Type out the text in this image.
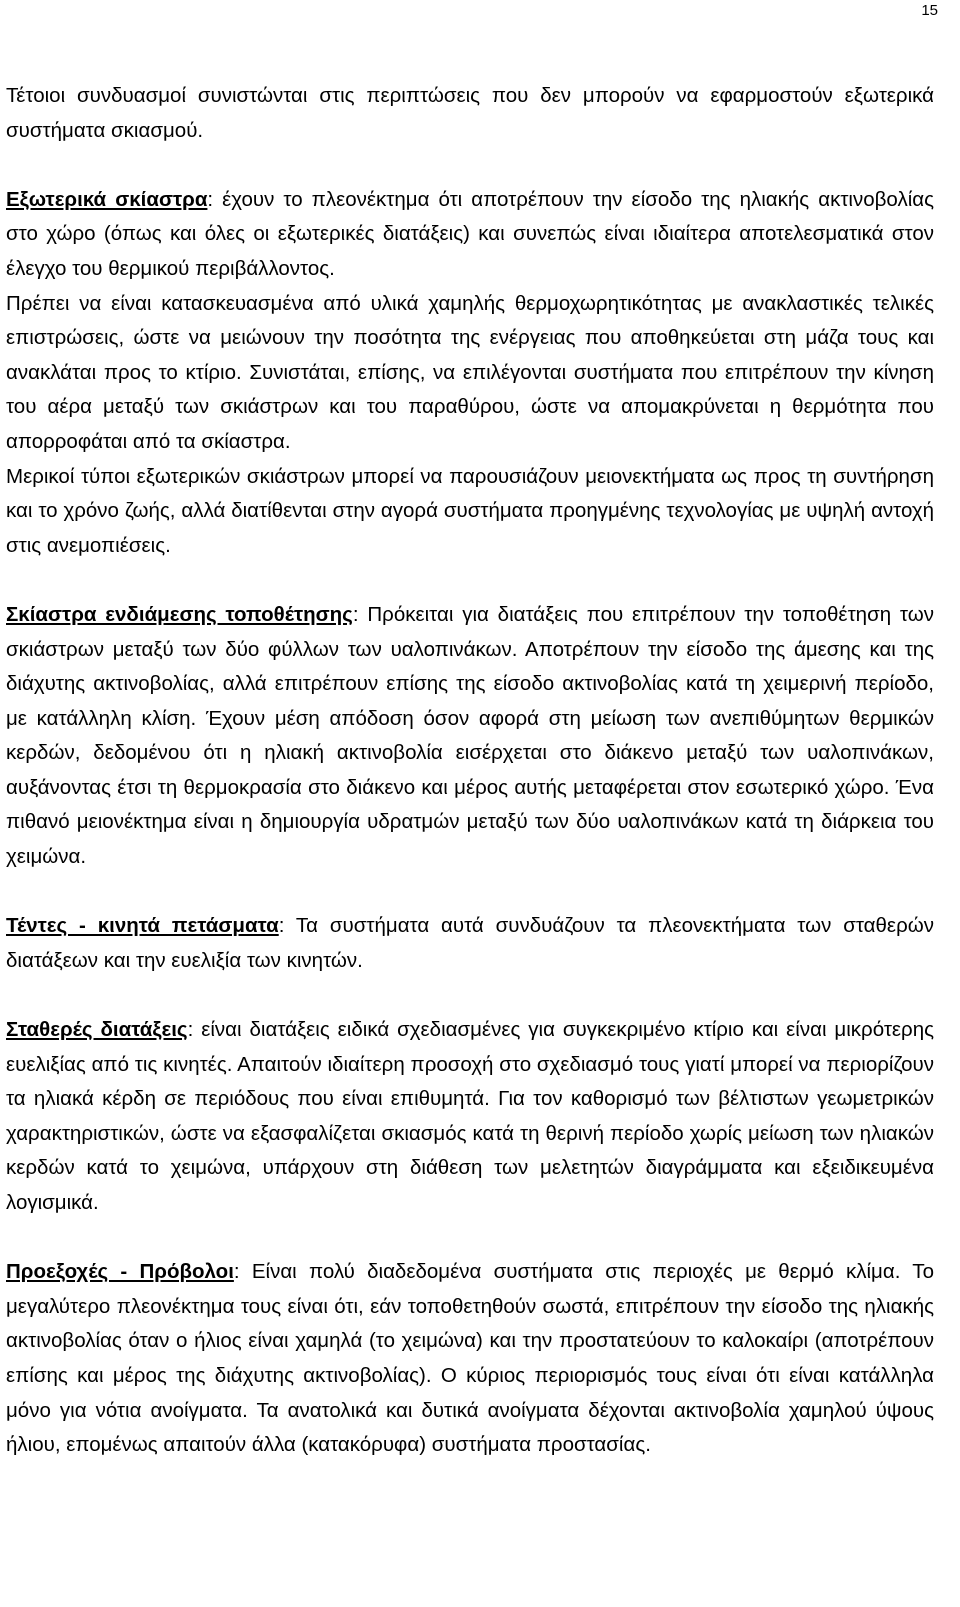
15

Τέτοιοι συνδυασμοί συνιστώνται στις περιπτώσεις που δεν μπορούν να εφαρμοστούν εξωτερικά συστήματα σκιασμού.

Εξωτερικά σκίαστρα: έχουν το πλεονέκτημα ότι αποτρέπουν την είσοδο της ηλιακής ακτινοβολίας στο χώρο (όπως και όλες οι εξωτερικές διατάξεις) και συνεπώς είναι ιδιαίτερα αποτελεσματικά στον έλεγχο του θερμικού περιβάλλοντος.

Πρέπει να είναι κατασκευασμένα από υλικά χαμηλής θερμοχωρητικότητας με ανακλαστικές τελικές επιστρώσεις, ώστε να μειώνουν την ποσότητα της ενέργειας που αποθηκεύεται στη μάζα τους και ανακλάται προς το κτίριο. Συνιστάται, επίσης, να επιλέγονται συστήματα που επιτρέπουν την κίνηση του αέρα μεταξύ των σκιάστρων και του παραθύρου, ώστε να απομακρύνεται η θερμότητα που απορροφάται από τα σκίαστρα.

Μερικοί τύποι εξωτερικών σκιάστρων μπορεί να παρουσιάζουν μειονεκτήματα ως προς τη συντήρηση και το χρόνο ζωής, αλλά διατίθενται στην αγορά συστήματα προηγμένης τεχνολογίας με υψηλή αντοχή στις ανεμοπιέσεις.

Σκίαστρα ενδιάμεσης τοποθέτησης: Πρόκειται για διατάξεις που επιτρέπουν την τοποθέτηση των σκιάστρων μεταξύ των δύο φύλλων των υαλοπινάκων. Αποτρέπουν την είσοδο της άμεσης και της διάχυτης ακτινοβολίας, αλλά επιτρέπουν επίσης της είσοδο ακτινοβολίας κατά τη χειμερινή περίοδο, με κατάλληλη κλίση. Έχουν μέση απόδοση όσον αφορά στη μείωση των ανεπιθύμητων θερμικών κερδών, δεδομένου ότι η ηλιακή ακτινοβολία εισέρχεται στο διάκενο μεταξύ των υαλοπινάκων, αυξάνοντας έτσι τη θερμοκρασία στο διάκενο και μέρος αυτής μεταφέρεται στον εσωτερικό χώρο. Ένα πιθανό μειονέκτημα είναι η δημιουργία υδρατμών μεταξύ των δύο υαλοπινάκων κατά τη διάρκεια του χειμώνα.

Τέντες - κινητά πετάσματα: Τα συστήματα αυτά συνδυάζουν τα πλεονεκτήματα των σταθερών διατάξεων και την ευελιξία των κινητών.

Σταθερές διατάξεις: είναι διατάξεις ειδικά σχεδιασμένες για συγκεκριμένο κτίριο και είναι μικρότερης ευελιξίας από τις κινητές. Απαιτούν ιδιαίτερη προσοχή στο σχεδιασμό τους γιατί μπορεί να περιορίζουν τα ηλιακά κέρδη σε περιόδους που είναι επιθυμητά. Για τον καθορισμό των βέλτιστων γεωμετρικών χαρακτηριστικών, ώστε να εξασφαλίζεται σκιασμός κατά τη θερινή περίοδο χωρίς μείωση των ηλιακών κερδών κατά το χειμώνα, υπάρχουν στη διάθεση των μελετητών διαγράμματα και εξειδικευμένα λογισμικά.

Προεξοχές - Πρόβολοι: Είναι πολύ διαδεδομένα συστήματα στις περιοχές με θερμό κλίμα. Το μεγαλύτερο πλεονέκτημα τους είναι ότι, εάν τοποθετηθούν σωστά, επιτρέπουν την είσοδο της ηλιακής ακτινοβολίας όταν ο ήλιος είναι χαμηλά (το χειμώνα) και την προστατεύουν το καλοκαίρι (αποτρέπουν επίσης και μέρος της διάχυτης ακτινοβολίας). Ο κύριος περιορισμός τους είναι ότι είναι κατάλληλα μόνο για νότια ανοίγματα. Τα ανατολικά και δυτικά ανοίγματα δέχονται ακτινοβολία χαμηλού ύψους ήλιου, επομένως απαιτούν άλλα (κατακόρυφα) συστήματα προστασίας.
